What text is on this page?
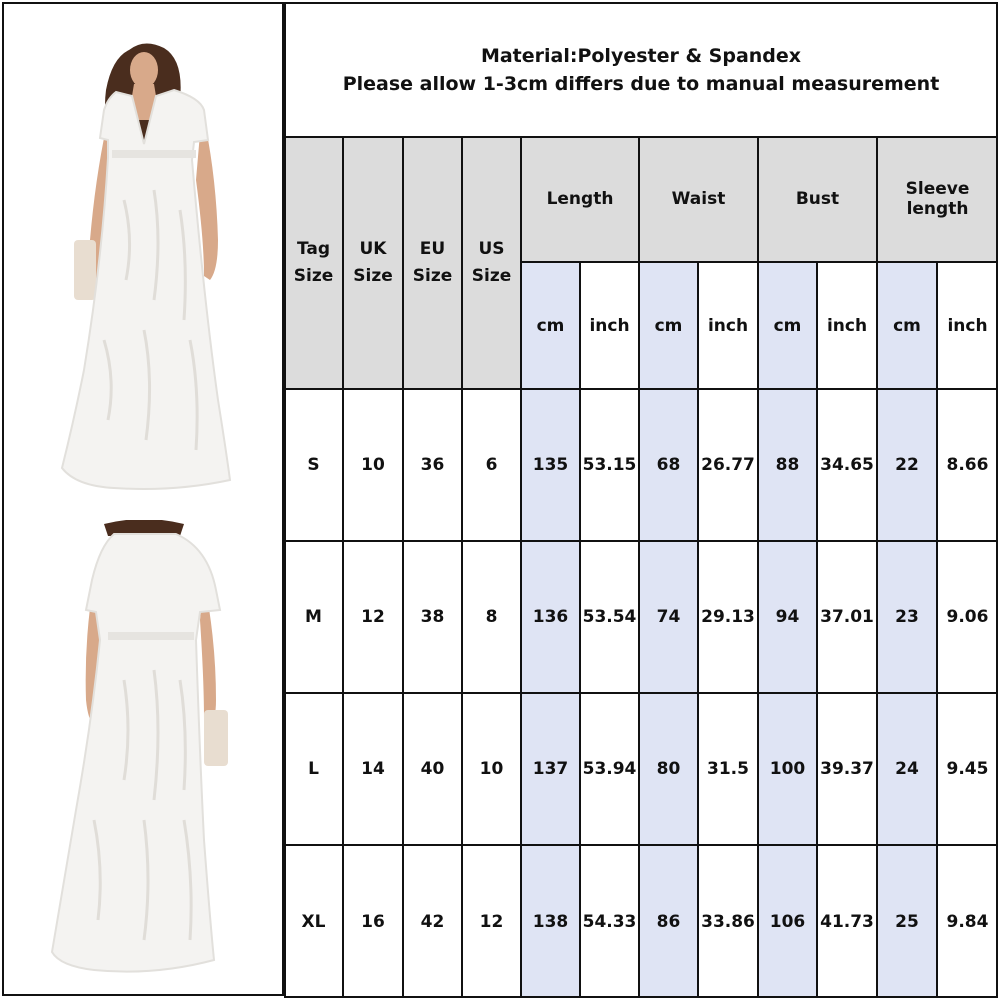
Material:Polyester & Spandex
Please allow 1-3cm differs due to manual measurement
Tag
Size
UK
Size
EU
Size
US
Size
Length	Waist	Bust	Sleeve length
cm inch cm inch cm inch cm inch
S 10 36 6 135 53.15 68 26.77 88 34.65 22 8.66
M 12 38 8 136 53.54 74 29.13 94 37.01 23 9.06
L 14 40 10 137 53.94 80 31.5 100 39.37 24 9.45
XL 16 42 12 138 54.33 86 33.86 106 41.73 25 9.84
